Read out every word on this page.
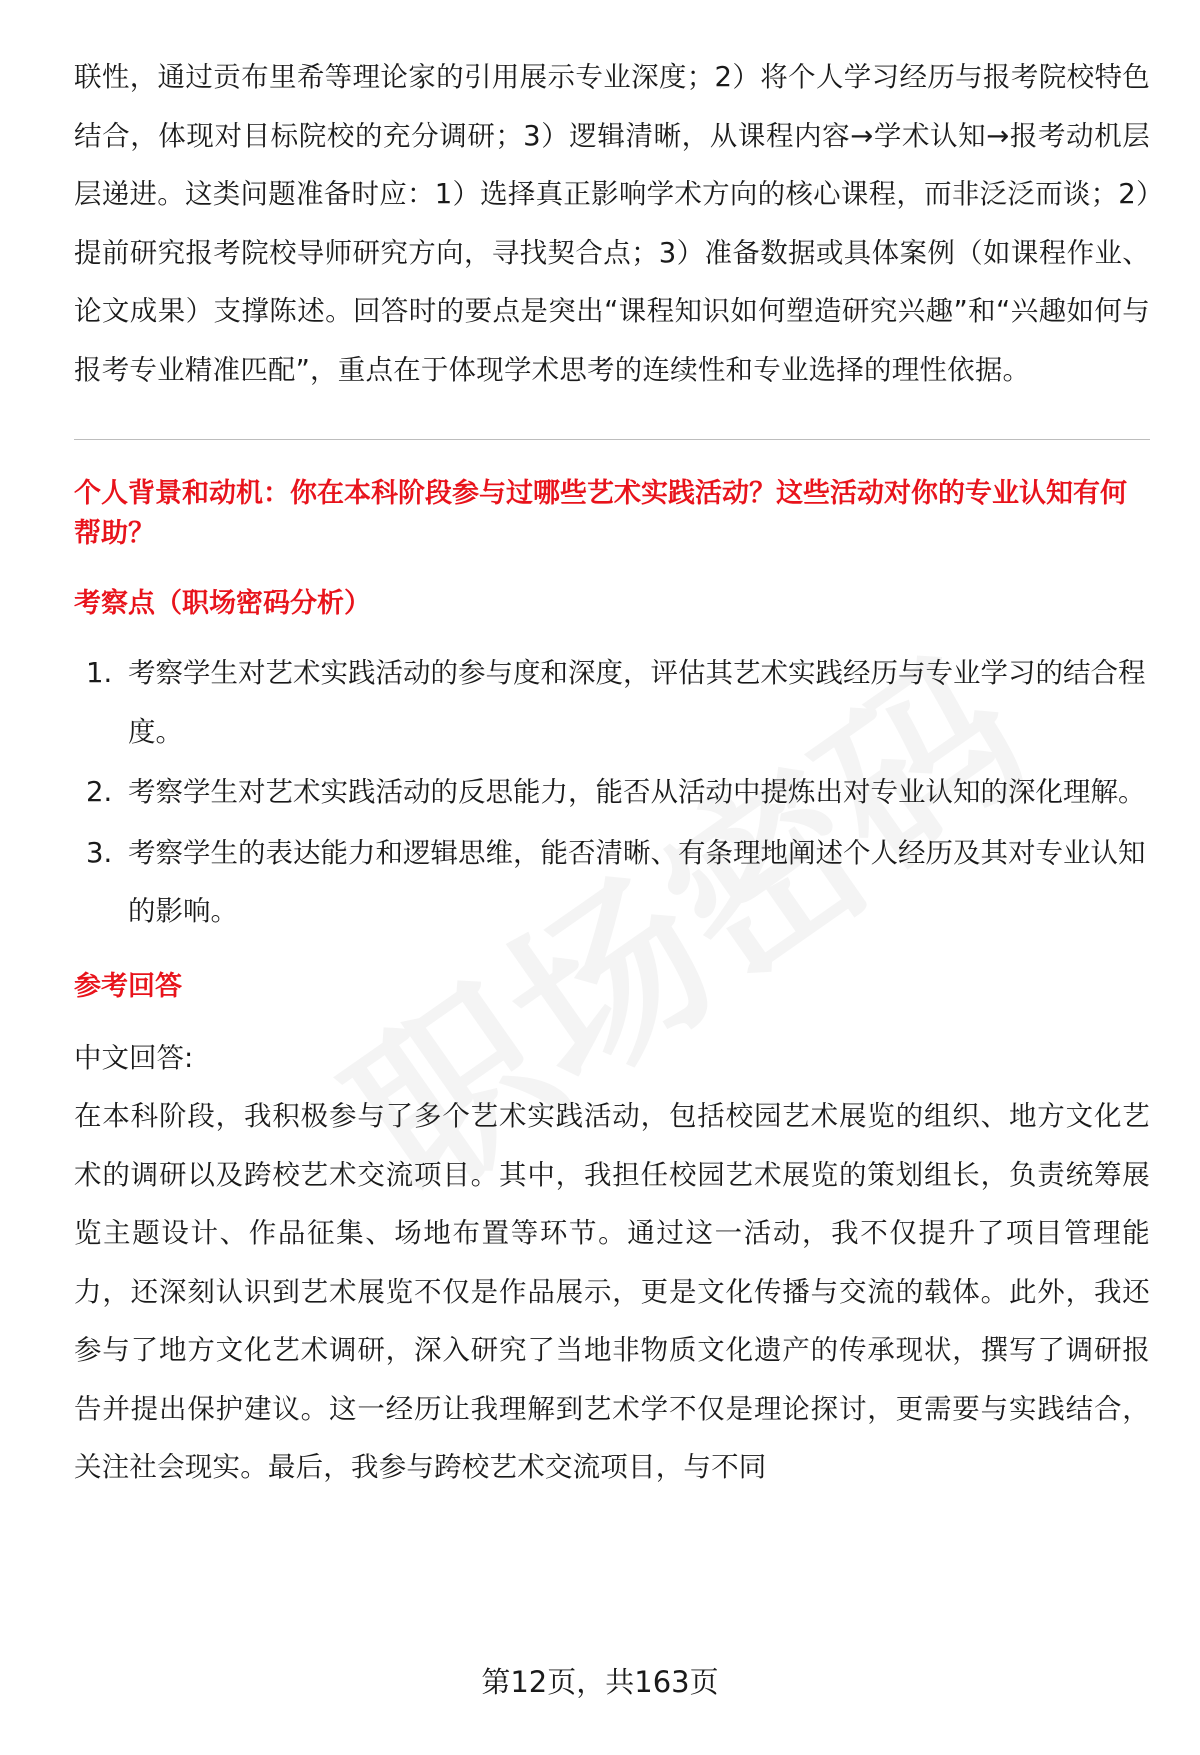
联性，通过贡布里希等理论家的引用展示专业深度；2）将个人学习经历与报考院校特色结合，体现对目标院校的充分调研；3）逻辑清晰，从课程内容→学术认知→报考动机层层递进。这类问题准备时应：1）选择真正影响学术方向的核心课程，而非泛泛而谈；2）提前研究报考院校导师研究方向，寻找契合点；3）准备数据或具体案例（如课程作业、论文成果）支撑陈述。回答时的要点是突出“课程知识如何塑造研究兴趣”和“兴趣如何与报考专业精准匹配”，重点在于体现学术思考的连续性和专业选择的理性依据。

个人背景和动机：你在本科阶段参与过哪些艺术实践活动？这些活动对你的专业认知有何帮助？

考察点（职场密码分析）

1. 考察学生对艺术实践活动的参与度和深度，评估其艺术实践经历与专业学习的结合程度。
2. 考察学生对艺术实践活动的反思能力，能否从活动中提炼出对专业认知的深化理解。
3. 考察学生的表达能力和逻辑思维，能否清晰、有条理地阐述个人经历及其对专业认知的影响。

参考回答

中文回答:

在本科阶段，我积极参与了多个艺术实践活动，包括校园艺术展览的组织、地方文化艺术的调研以及跨校艺术交流项目。其中，我担任校园艺术展览的策划组长，负责统筹展览主题设计、作品征集、场地布置等环节。通过这一活动，我不仅提升了项目管理能力，还深刻认识到艺术展览不仅是作品展示，更是文化传播与交流的载体。此外，我还参与了地方文化艺术调研，深入研究了当地非物质文化遗产的传承现状，撰写了调研报告并提出保护建议。这一经历让我理解到艺术学不仅是理论探讨，更需要与实践结合，关注社会现实。最后，我参与跨校艺术交流项目，与不同

第12页，共163页
